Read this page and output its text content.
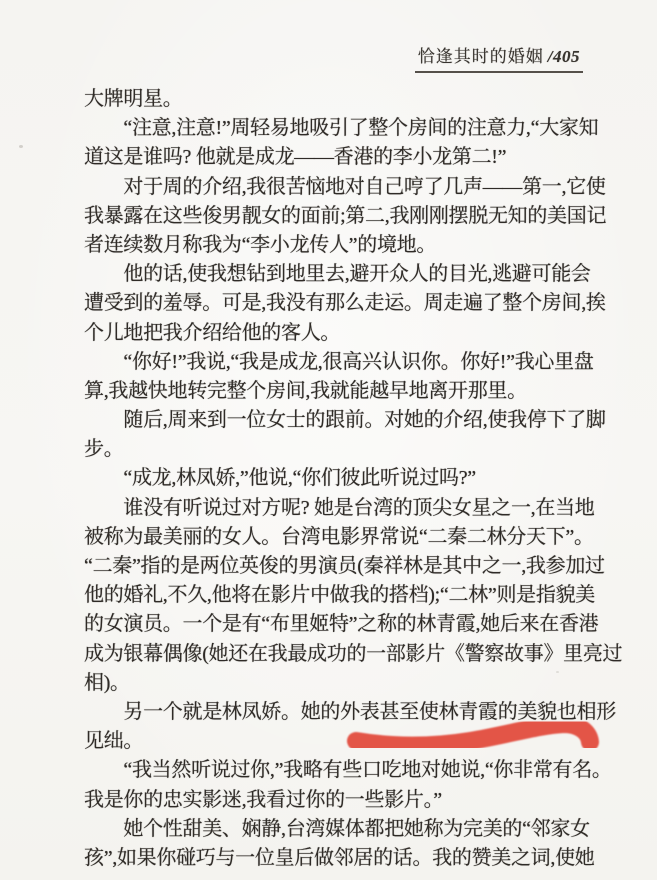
恰逢其时的婚姻 /405
大牌明星。
　　“注意,注意!”周轻易地吸引了整个房间的注意力,“大家知
道这是谁吗? 他就是成龙——香港的李小龙第二!”
　　对于周的介绍,我很苦恼地对自己哼了几声——第一,它使
我暴露在这些俊男靓女的面前;第二,我刚刚摆脱无知的美国记
者连续数月称我为“李小龙传人”的境地。
　　他的话,使我想钻到地里去,避开众人的目光,逃避可能会
遭受到的羞辱。可是,我没有那么走运。周走遍了整个房间,挨
个儿地把我介绍给他的客人。
　　“你好!”我说,“我是成龙,很高兴认识你。你好!”我心里盘
算,我越快地转完整个房间,我就能越早地离开那里。
　　随后,周来到一位女士的跟前。对她的介绍,使我停下了脚
步。
　　“成龙,林凤娇,”他说,“你们彼此听说过吗?”
　　谁没有听说过对方呢? 她是台湾的顶尖女星之一,在当地
被称为最美丽的女人。台湾电影界常说“二秦二林分天下”。
“二秦”指的是两位英俊的男演员(秦祥林是其中之一,我参加过
他的婚礼,不久,他将在影片中做我的搭档);“二林”则是指貌美
的女演员。一个是有“布里姬特”之称的林青霞,她后来在香港
成为银幕偶像(她还在我最成功的一部影片《警察故事》里亮过
相)。
　　另一个就是林凤娇。她的外表甚至使林青霞的美貌也相形
见绌。
　　“我当然听说过你,”我略有些口吃地对她说,“你非常有名。
我是你的忠实影迷,我看过你的一些影片。”
　　她个性甜美、娴静,台湾媒体都把她称为完美的“邻家女
孩”,如果你碰巧与一位皇后做邻居的话。我的赞美之词,使她
